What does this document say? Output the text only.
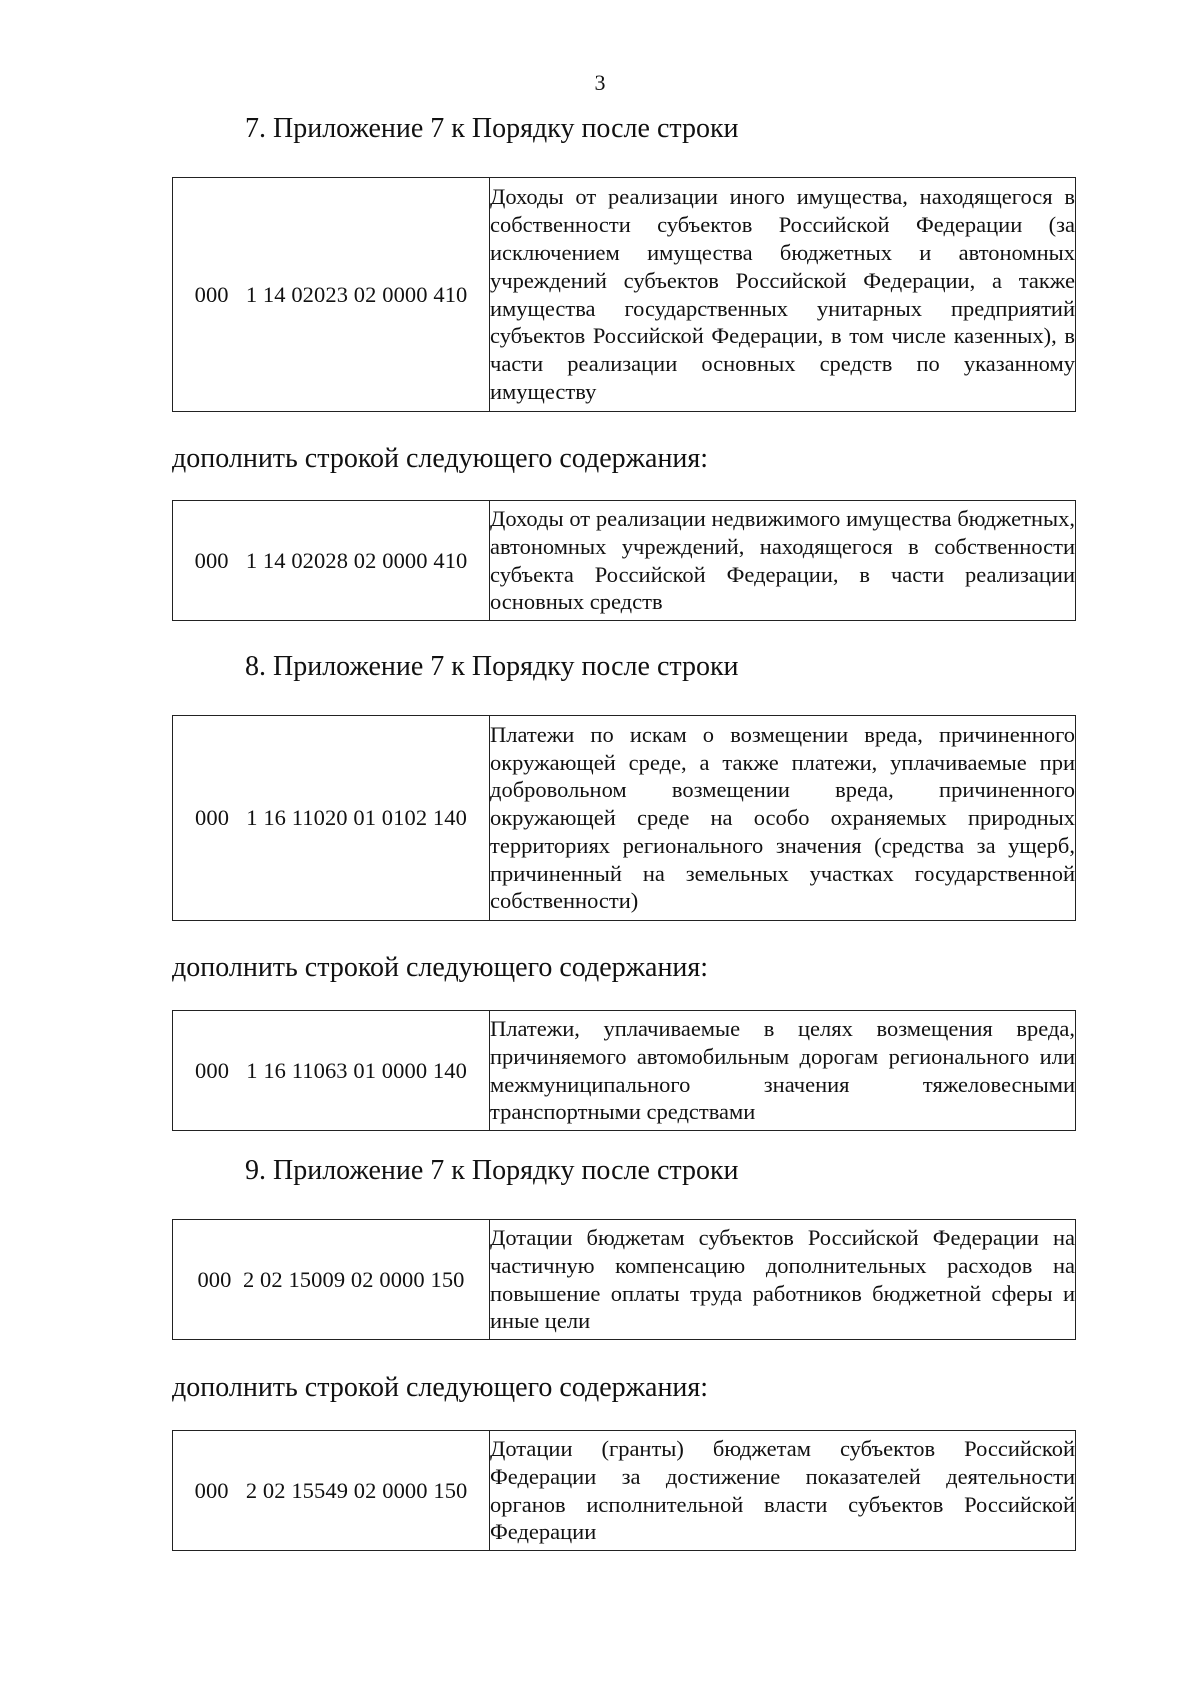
3
7. Приложение 7 к Порядку после строки
000   1 14 02023 02 0000 410	Доходы от реализации иного имущества, находящегося в собственности субъектов Российской Федерации (за исключением имущества бюджетных и автономных учреждений субъектов Российской Федерации, а также имущества государственных унитарных предприятий субъектов Российской Федерации, в том числе казенных), в части реализации основных средств по указанному имуществу
дополнить строкой следующего содержания:
000   1 14 02028 02 0000 410	Доходы от реализации недвижимого имущества бюджетных, автономных учреждений, находящегося в собственности субъекта Российской Федерации, в части реализации основных средств
8. Приложение 7 к Порядку после строки
000   1 16 11020 01 0102 140	Платежи по искам о возмещении вреда, причиненного окружающей среде, а также платежи, уплачиваемые при добровольном возмещении вреда, причиненного окружающей среде на особо охраняемых природных территориях регионального значения (средства за ущерб, причиненный на земельных участках государственной собственности)
дополнить строкой следующего содержания:
000   1 16 11063 01 0000 140	Платежи, уплачиваемые в целях возмещения вреда, причиняемого автомобильным дорогам регионального или межмуниципального значения тяжеловесными транспортными средствами
9. Приложение 7 к Порядку после строки
000  2 02 15009 02 0000 150	Дотации бюджетам субъектов Российской Федерации на частичную компенсацию дополнительных расходов на повышение оплаты труда работников бюджетной сферы и иные цели
дополнить строкой следующего содержания:
000   2 02 15549 02 0000 150	Дотации (гранты) бюджетам субъектов Российской Федерации за достижение показателей деятельности органов исполнительной власти субъектов Российской Федерации
